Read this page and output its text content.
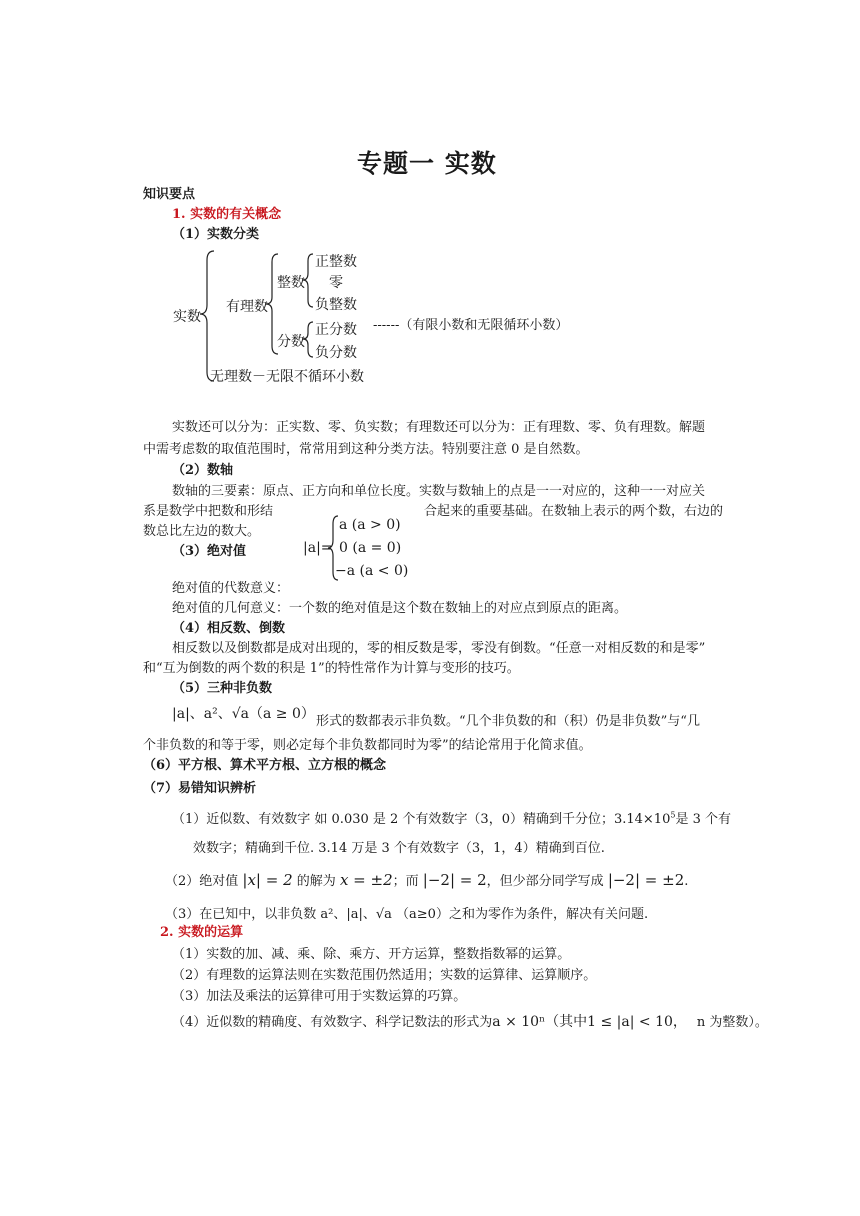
专题一 实数
知识要点
1. 实数的有关概念
（1）实数分类
实数
有理数
整数
正整数
零
负整数
分数
正分数
负分数
------（有限小数和无限循环小数）
无理数－无限不循环小数
实数还可以分为：正实数、零、负实数；有理数还可以分为：正有理数、零、负有理数。解题
中需考虑数的取值范围时，常常用到这种分类方法。特别要注意 0 是自然数。
（2）数轴
数轴的三要素：原点、正方向和单位长度。实数与数轴上的点是一一对应的，这种一一对应关
系是数学中把数和形结	合起来的重要基础。在数轴上表示的两个数，右边的
数总比左边的数大。
（3）绝对值	|a|=
a (a > 0)
0 (a = 0)
−a (a < 0)
绝对值的代数意义：
绝对值的几何意义：一个数的绝对值是这个数在数轴上的对应点到原点的距离。
（4）相反数、倒数
相反数以及倒数都是成对出现的，零的相反数是零，零没有倒数。“任意一对相反数的和是零”
和“互为倒数的两个数的积是 1”的特性常作为计算与变形的技巧。
（5）三种非负数
|a|、a²、√a（a ≥ 0） 形式的数都表示非负数。“几个非负数的和（积）仍是非负数”与“几
个非负数的和等于零，则必定每个非负数都同时为零”的结论常用于化简求值。
（6）平方根、算术平方根、立方根的概念
（7）易错知识辨析
（1）近似数、有效数字 如 0.030 是 2 个有效数字（3，0）精确到千分位；$3.14\times 10^5$是 3 个有
效数字；精确到千位. 3.14 万是 3 个有效数字（3，1，4）精确到百位.
（2）绝对值 |x| = 2 的解为 x = ±2；而 |−2| = 2，但少部分同学写成 |−2| = ±2.
（3）在已知中，以非负数 a²、|a|、√a （a≥0）之和为零作为条件，解决有关问题.
2. 实数的运算
（1）实数的加、减、乘、除、乘方、开方运算，整数指数幂的运算。
（2）有理数的运算法则在实数范围仍然适用；实数的运算律、运算顺序。
（3）加法及乘法的运算律可用于实数运算的巧算。
（4）近似数的精确度、有效数字、科学记数法的形式为a × 10ⁿ（其中1 ≤ |a| < 10， n 为整数）。
